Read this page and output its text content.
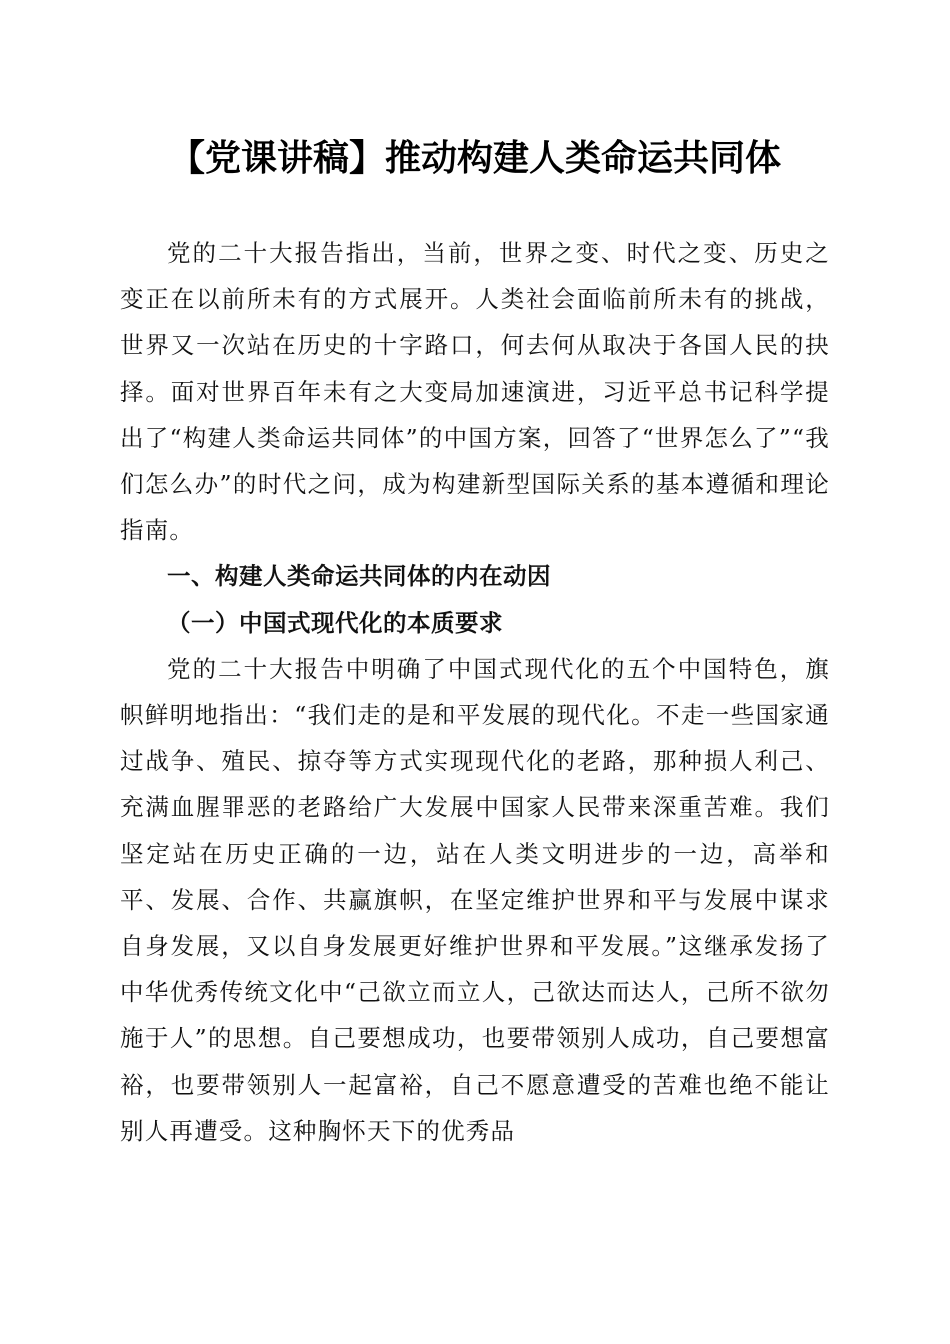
【党课讲稿】推动构建人类命运共同体

党的二十大报告指出，当前，世界之变、时代之变、历史之变正在以前所未有的方式展开。人类社会面临前所未有的挑战，世界又一次站在历史的十字路口，何去何从取决于各国人民的抉择。面对世界百年未有之大变局加速演进，习近平总书记科学提出了“构建人类命运共同体”的中国方案，回答了“世界怎么了”“我们怎么办”的时代之问，成为构建新型国际关系的基本遵循和理论指南。

一、构建人类命运共同体的内在动因

（一）中国式现代化的本质要求

党的二十大报告中明确了中国式现代化的五个中国特色，旗帜鲜明地指出：“我们走的是和平发展的现代化。不走一些国家通过战争、殖民、掠夺等方式实现现代化的老路，那种损人利己、充满血腥罪恶的老路给广大发展中国家人民带来深重苦难。我们坚定站在历史正确的一边，站在人类文明进步的一边，高举和平、发展、合作、共赢旗帜，在坚定维护世界和平与发展中谋求自身发展，又以自身发展更好维护世界和平发展。”这继承发扬了中华优秀传统文化中“己欲立而立人，己欲达而达人，己所不欲勿施于人”的思想。自己要想成功，也要带领别人成功，自己要想富裕，也要带领别人一起富裕，自己不愿意遭受的苦难也绝不能让别人再遭受。这种胸怀天下的优秀品
